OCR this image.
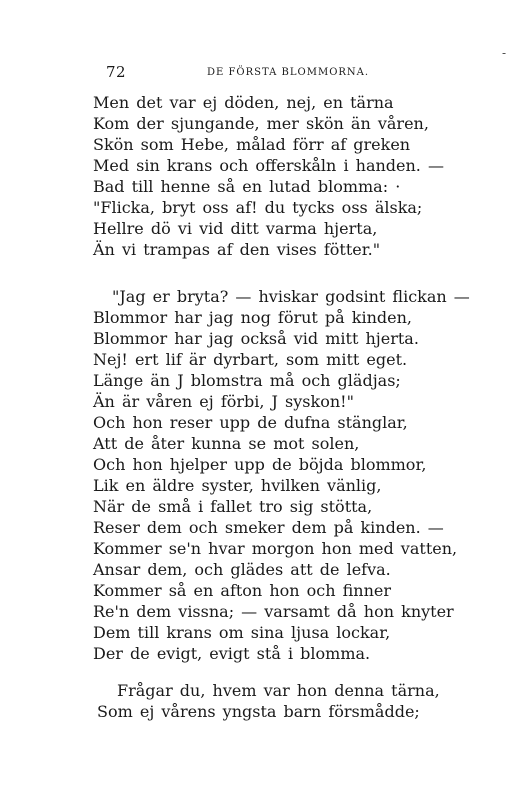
-
72	DE FÖRSTA BLOMMORNA.
Men det var ej döden, nej, en tärna
Kom der sjungande, mer skön än våren,
Skön som Hebe, målad förr af greken
Med sin krans och offerskåln i handen. —
Bad till henne så en lutad blomma: ·
"Flicka, bryt oss af! du tycks oss älska;
Hellre dö vi vid ditt varma hjerta,
Än vi trampas af den vises fötter."
"Jag er bryta? — hviskar godsint flickan —
Blommor har jag nog förut på kinden,
Blommor har jag också vid mitt hjerta.
Nej! ert lif är dyrbart, som mitt eget.
Länge än J blomstra må och glädjas;
Än är våren ej förbi, J syskon!"
Och hon reser upp de dufna stänglar,
Att de åter kunna se mot solen,
Och hon hjelper upp de böjda blommor,
Lik en äldre syster, hvilken vänlig,
När de små i fallet tro sig stötta,
Reser dem och smeker dem på kinden. —
Kommer se'n hvar morgon hon med vatten,
Ansar dem, och glädes att de lefva.
Kommer så en afton hon och finner
Re'n dem vissna; — varsamt då hon knyter
Dem till krans om sina ljusa lockar,
Der de evigt, evigt stå i blomma.
Frågar du, hvem var hon denna tärna,
Som ej vårens yngsta barn försmådde;
